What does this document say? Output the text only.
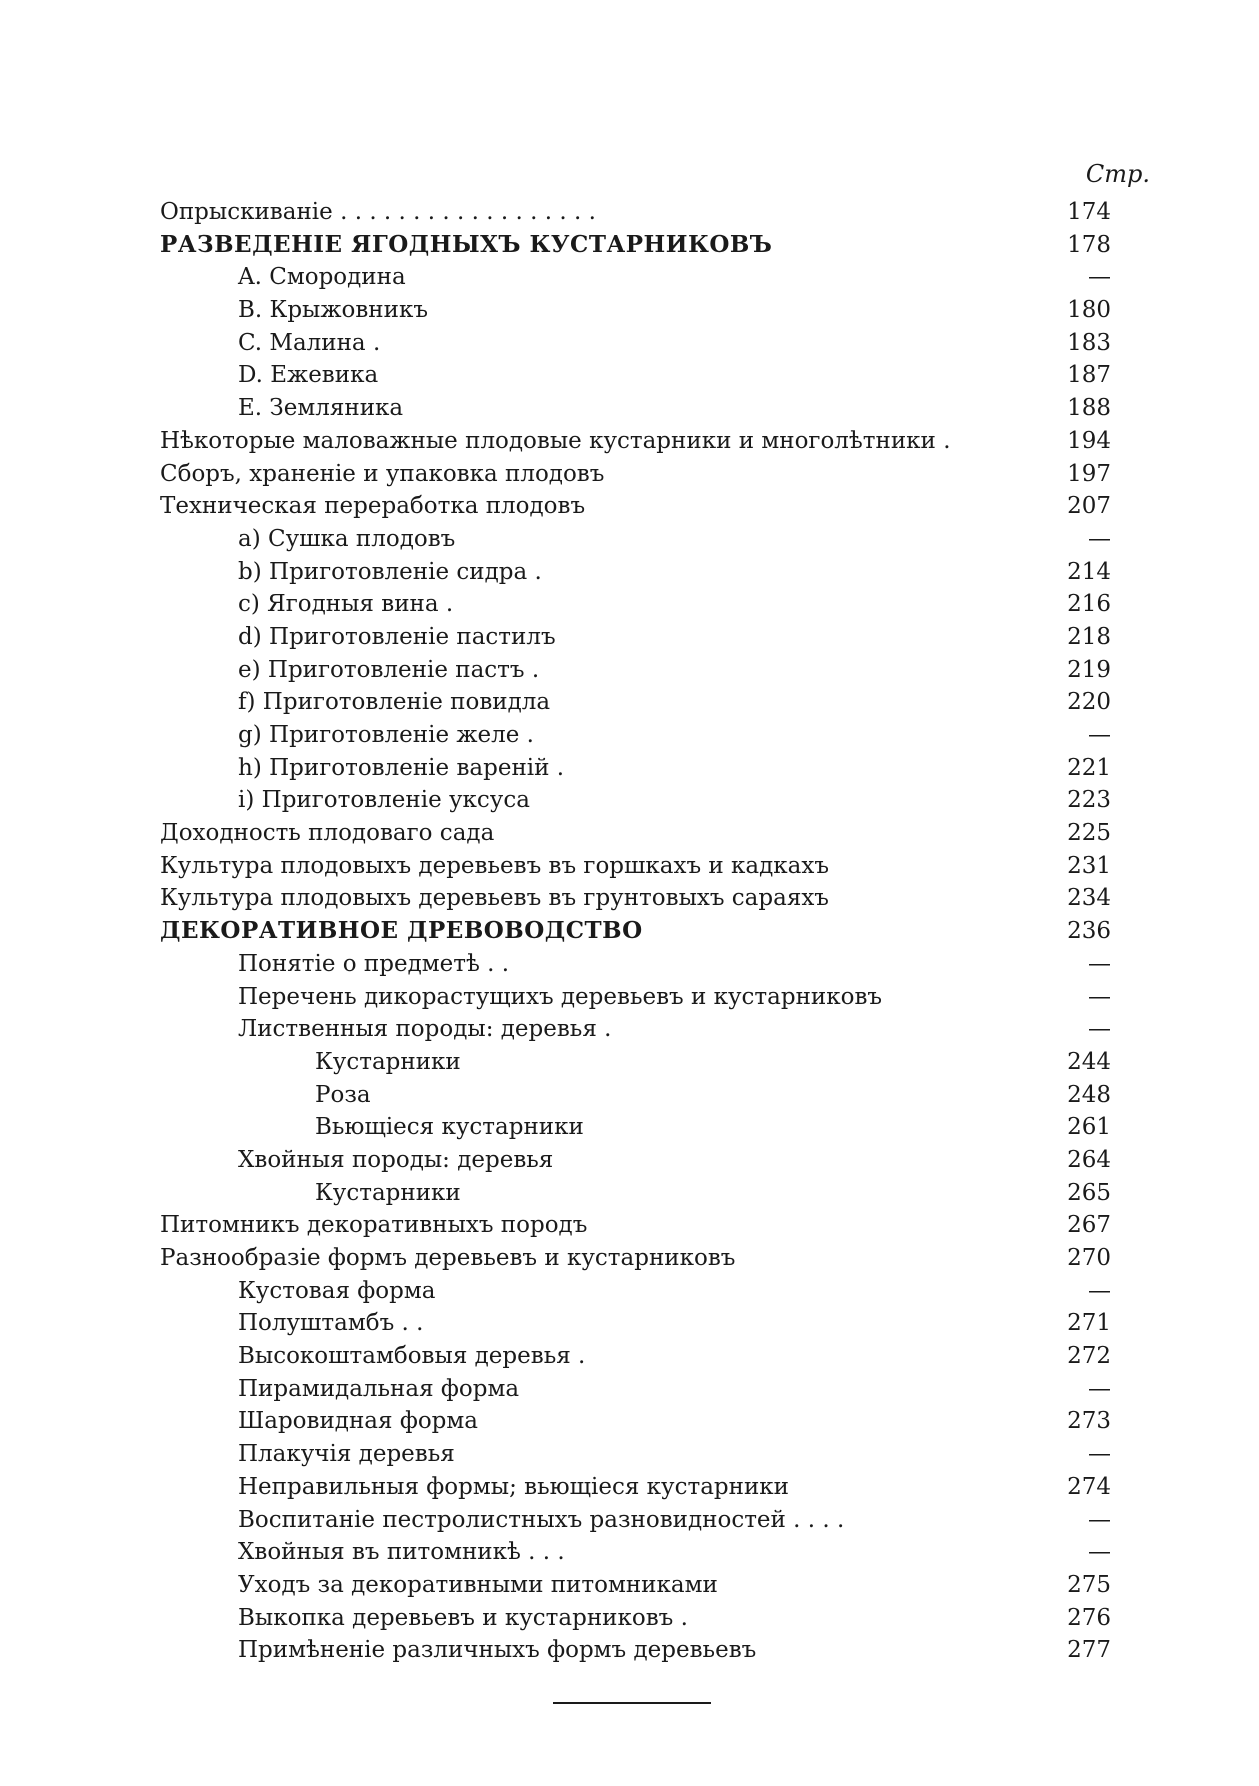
Стр.
Опрыскиваніе . . . . . . . . . . . . . . . . . .	174
РАЗВЕДЕНІЕ ЯГОДНЫХЪ КУСТАРНИКОВЪ	178
A. Смородина	—
B. Крыжовникъ	180
C. Малина .	183
D. Ежевика	187
E. Земляника	188
Нѣкоторые маловажные плодовые кустарники и многолѣтники .	194
Сборъ, храненіе и упаковка плодовъ	197
Техническая переработка плодовъ	207
a) Сушка плодовъ	—
b) Приготовленіе сидра .	214
c) Ягодныя вина .	216
d) Приготовленіе пастилъ	218
e) Приготовленіе пастъ .	219
f) Приготовленіе повидла	220
g) Приготовленіе желе .	—
h) Приготовленіе вареній .	221
i) Приготовленіе уксуса	223
Доходность плодоваго сада	225
Культура плодовыхъ деревьевъ въ горшкахъ и кадкахъ	231
Культура плодовыхъ деревьевъ въ грунтовыхъ сараяхъ	234
ДЕКОРАТИВНОЕ ДРЕВОВОДСТВО	236
Понятіе о предметѣ . .	—
Перечень дикорастущихъ деревьевъ и кустарниковъ	—
Лиственныя породы: деревья .	—
Кустарники	244
Роза	248
Вьющіеся кустарники	261
Хвойныя породы: деревья	264
Кустарники	265
Питомникъ декоративныхъ породъ	267
Разнообразіе формъ деревьевъ и кустарниковъ	270
Кустовая форма	—
Полуштамбъ . .	271
Высокоштамбовыя деревья .	272
Пирамидальная форма	—
Шаровидная форма	273
Плакучія деревья	—
Неправильныя формы; вьющіеся кустарники	274
Воспитаніе пестролистныхъ разновидностей . . . .	—
Хвойныя въ питомникѣ . . .	—
Уходъ за декоративными питомниками	275
Выкопка деревьевъ и кустарниковъ .	276
Примѣненіе различныхъ формъ деревьевъ	277
